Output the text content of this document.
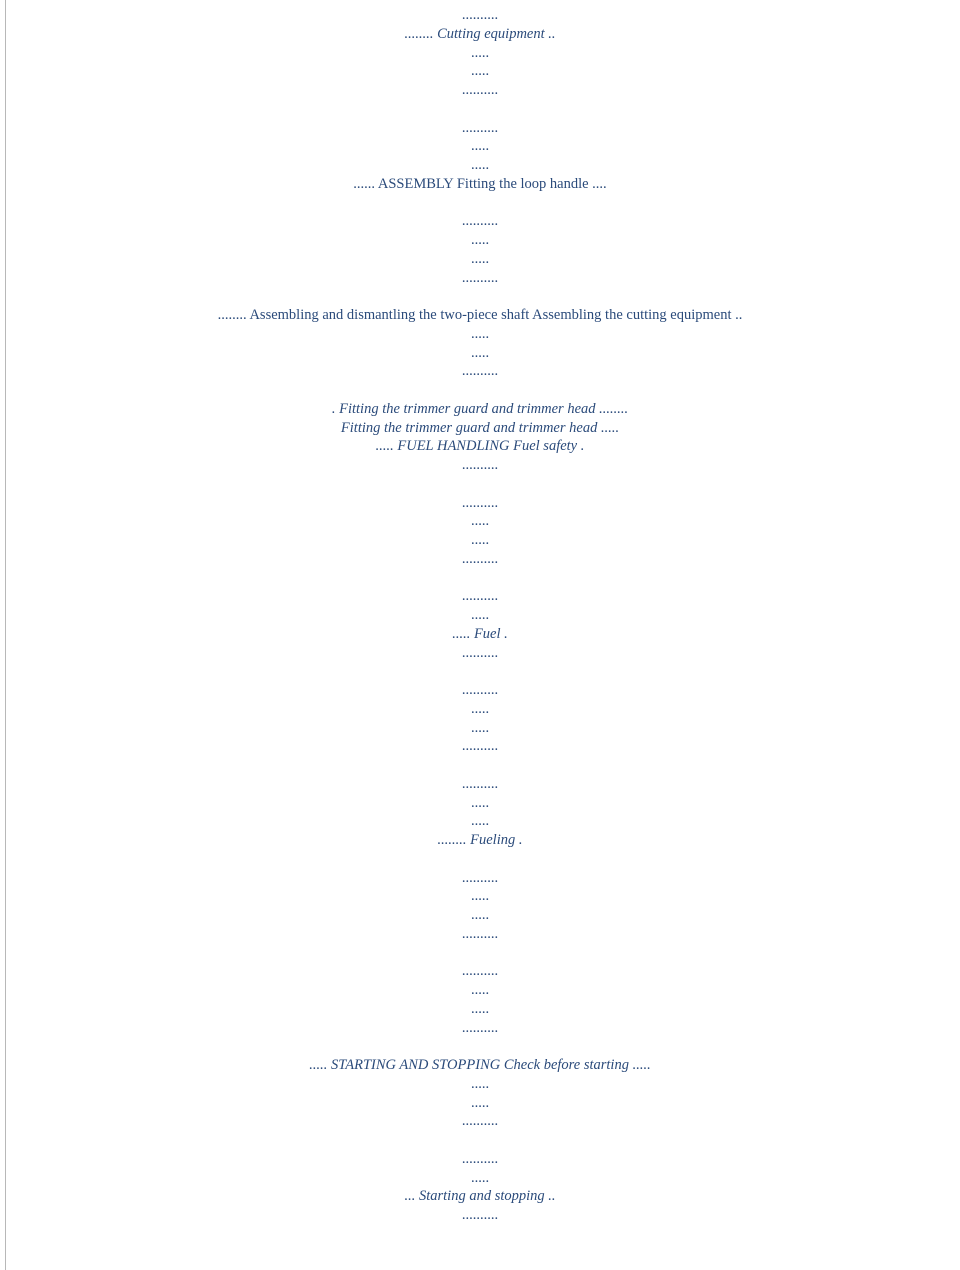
..........
........ Cutting equipment ..
.....
.....
..........
..........
.....
.....
...... ASSEMBLY Fitting the loop handle ....
..........
.....
.....
..........
........ Assembling and dismantling the two-piece shaft Assembling the cutting equipment ..
.....
.....
..........
. Fitting the trimmer guard and trimmer head ........
Fitting the trimmer guard and trimmer head .....
..... FUEL HANDLING Fuel safety .
..........
..........
.....
.....
..........
..........
.....
..... Fuel .
..........
..........
.....
.....
..........
..........
.....
.....
........ Fueling .
..........
.....
.....
..........
..........
.....
.....
..........
..... STARTING AND STOPPING Check before starting .....
.....
.....
..........
..........
.....
... Starting and stopping ..
..........
